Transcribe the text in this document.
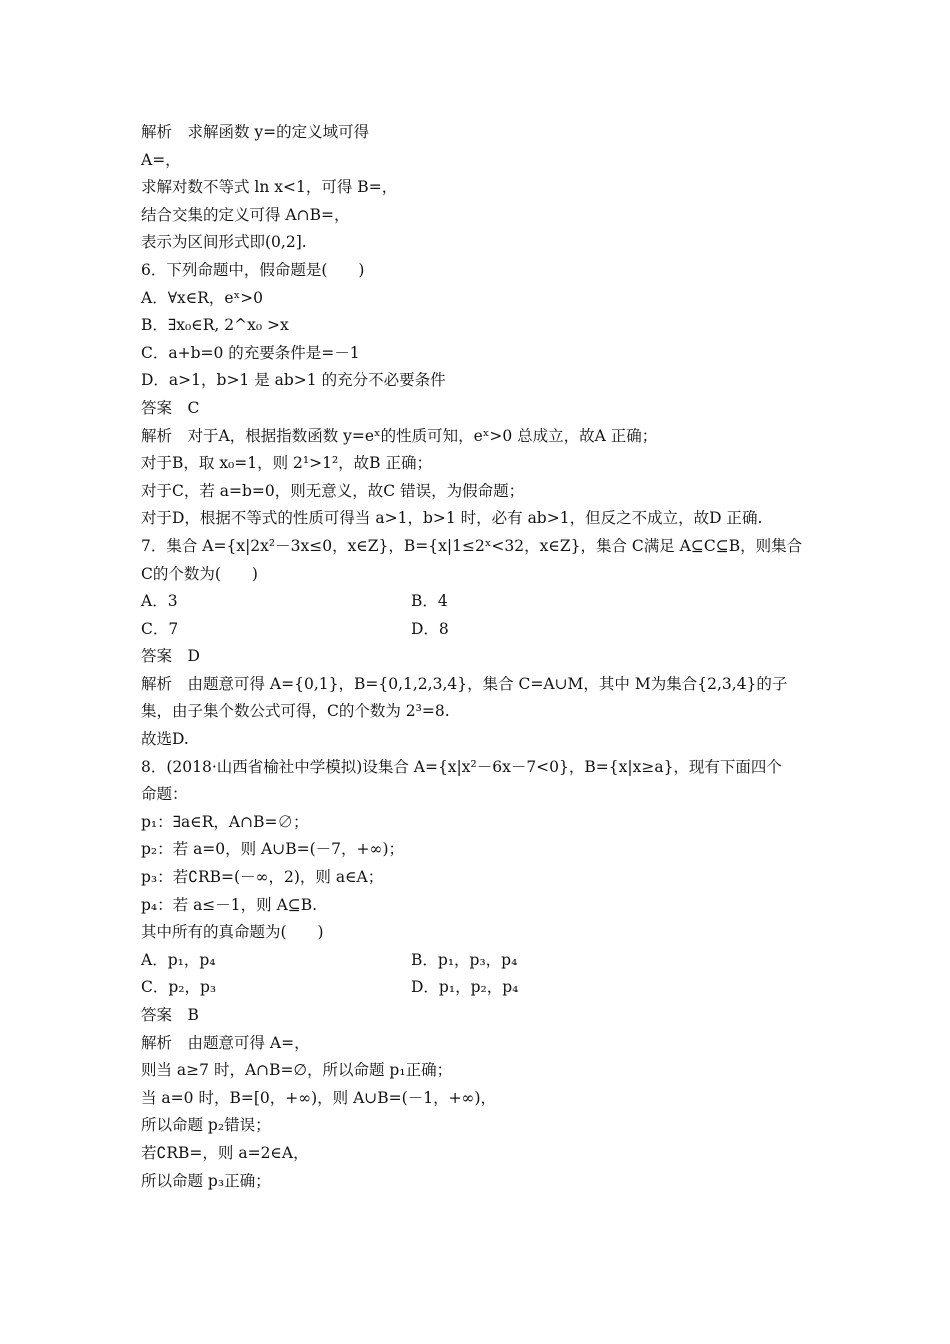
解析　求解函数 y=的定义域可得
A=，
求解对数不等式 ln x<1，可得 B=，
结合交集的定义可得 A∩B=，
表示为区间形式即(0,2].
6．下列命题中，假命题是(　　)
A．∀x∈R，eˣ>0
B．∃x₀∈R, 2^x₀ >x
C．a+b=0 的充要条件是=－1
D．a>1，b>1 是 ab>1 的充分不必要条件
答案　C
解析　对于A，根据指数函数 y=eˣ的性质可知，eˣ>0 总成立，故A 正确；
对于B，取 x₀=1，则 2¹>1²，故B 正确；
对于C，若 a=b=0，则无意义，故C 错误，为假命题；
对于D，根据不等式的性质可得当 a>1，b>1 时，必有 ab>1，但反之不成立，故D 正确.
7．集合 A={x|2x²－3x≤0，x∈Z}，B={x|1≤2ˣ<32，x∈Z}，集合 C满足 A⊆C⊆B，则集合
C的个数为(　　)
A．3	B．4
C．7	D．8
答案　D
解析　由题意可得 A={0,1}，B={0,1,2,3,4}，集合 C=A∪M，其中 M为集合{2,3,4}的子
集，由子集个数公式可得，C的个数为 2³=8.
故选D.
8．(2018·山西省榆社中学模拟)设集合 A={x|x²－6x－7<0}，B={x|x≥a}，现有下面四个
命题：
p₁：∃a∈R，A∩B=∅；
p₂：若 a=0，则 A∪B=(－7，+∞)；
p₃：若∁RB=(－∞，2)，则 a∈A；
p₄：若 a≤－1，则 A⊆B.
其中所有的真命题为(　　)
A．p₁，p₄	B．p₁，p₃，p₄
C．p₂，p₃	D．p₁，p₂，p₄
答案　B
解析　由题意可得 A=，
则当 a≥7 时，A∩B=∅，所以命题 p₁正确；
当 a=0 时，B=[0，+∞)，则 A∪B=(－1，+∞)，
所以命题 p₂错误；
若∁RB=，则 a=2∈A，
所以命题 p₃正确；
